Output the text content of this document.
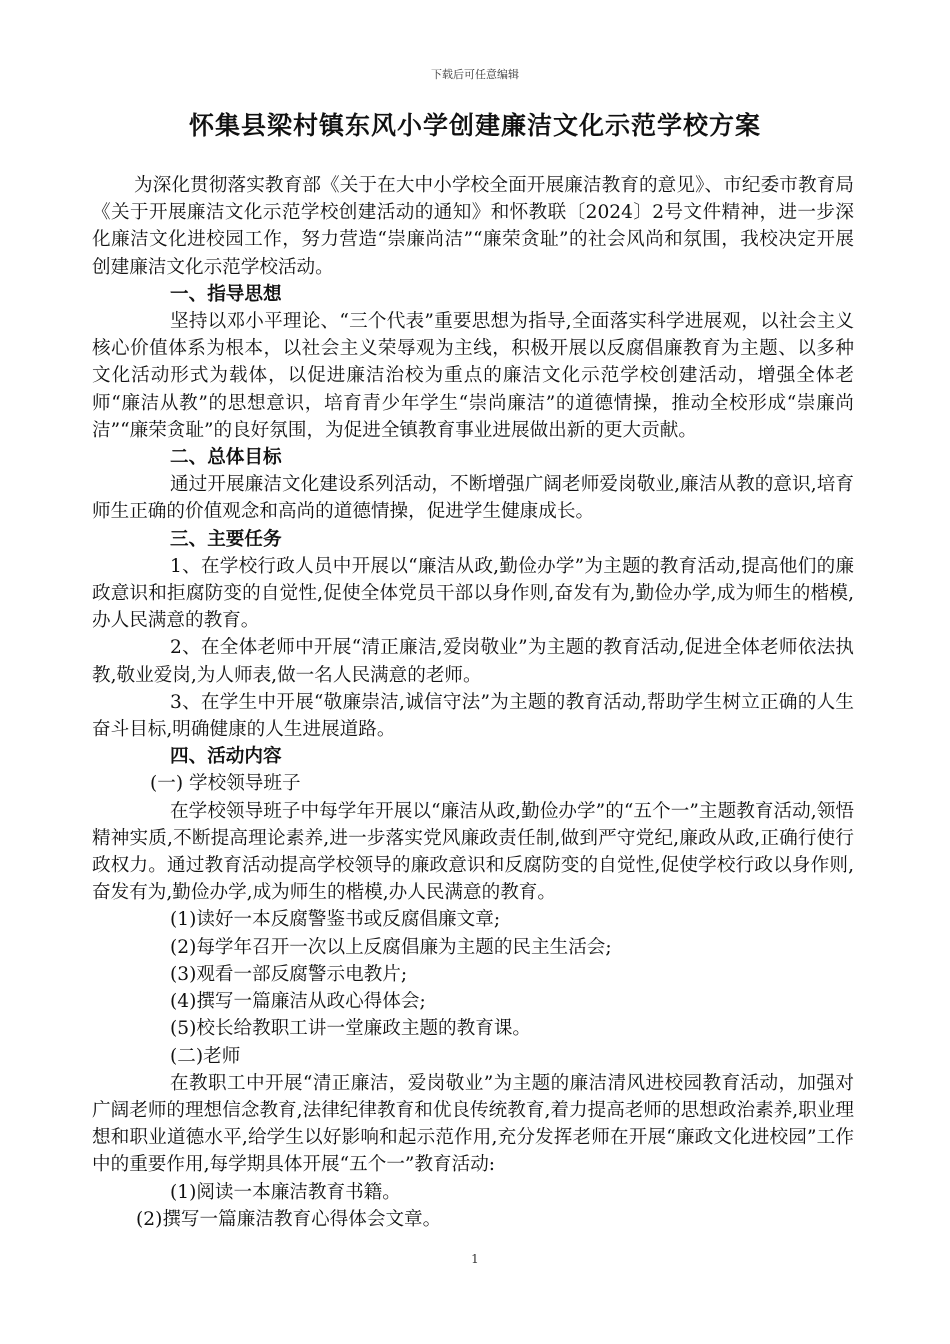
下载后可任意编辑
怀集县梁村镇东风小学创建廉洁文化示范学校方案

为深化贯彻落实教育部《关于在大中小学校全面开展廉洁教育的意见》、市纪委市教育局《关于开展廉洁文化示范学校创建活动的通知》和怀教联〔2024〕2号文件精神，进一步深化廉洁文化进校园工作，努力营造“崇廉尚洁”“廉荣贪耻”的社会风尚和氛围，我校决定开展创建廉洁文化示范学校活动。

一、指导思想

坚持以邓小平理论、“三个代表”重要思想为指导,全面落实科学进展观，以社会主义核心价值体系为根本，以社会主义荣辱观为主线，积极开展以反腐倡廉教育为主题、以多种文化活动形式为载体，以促进廉洁治校为重点的廉洁文化示范学校创建活动，增强全体老师“廉洁从教”的思想意识，培育青少年学生“崇尚廉洁”的道德情操，推动全校形成“崇廉尚洁”“廉荣贪耻”的良好氛围，为促进全镇教育事业进展做出新的更大贡献。

二、总体目标

通过开展廉洁文化建设系列活动，不断增强广阔老师爱岗敬业,廉洁从教的意识,培育师生正确的价值观念和高尚的道德情操，促进学生健康成长。

三、主要任务

1、在学校行政人员中开展以“廉洁从政,勤俭办学”为主题的教育活动,提高他们的廉政意识和拒腐防变的自觉性,促使全体党员干部以身作则,奋发有为,勤俭办学,成为师生的楷模,办人民满意的教育。

2、在全体老师中开展“清正廉洁,爱岗敬业”为主题的教育活动,促进全体老师依法执教,敬业爱岗,为人师表,做一名人民满意的老师。

3、在学生中开展“敬廉崇洁,诚信守法”为主题的教育活动,帮助学生树立正确的人生奋斗目标,明确健康的人生进展道路。

四、活动内容

(一) 学校领导班子

在学校领导班子中每学年开展以“廉洁从政,勤俭办学”的“五个一”主题教育活动,领悟精神实质,不断提高理论素养,进一步落实党风廉政责任制,做到严守党纪,廉政从政,正确行使行政权力。通过教育活动提高学校领导的廉政意识和反腐防变的自觉性,促使学校行政以身作则,奋发有为,勤俭办学,成为师生的楷模,办人民满意的教育。

(1)读好一本反腐警鉴书或反腐倡廉文章;

(2)每学年召开一次以上反腐倡廉为主题的民主生活会;

(3)观看一部反腐警示电教片;

(4)撰写一篇廉洁从政心得体会;

(5)校长给教职工讲一堂廉政主题的教育课。

(二)老师

在教职工中开展“清正廉洁，爱岗敬业”为主题的廉洁清风进校园教育活动，加强对广阔老师的理想信念教育,法律纪律教育和优良传统教育,着力提高老师的思想政治素养,职业理想和职业道德水平,给学生以好影响和起示范作用,充分发挥老师在开展“廉政文化进校园”工作中的重要作用,每学期具体开展“五个一”教育活动:

(1)阅读一本廉洁教育书籍。

(2)撰写一篇廉洁教育心得体会文章。

1
